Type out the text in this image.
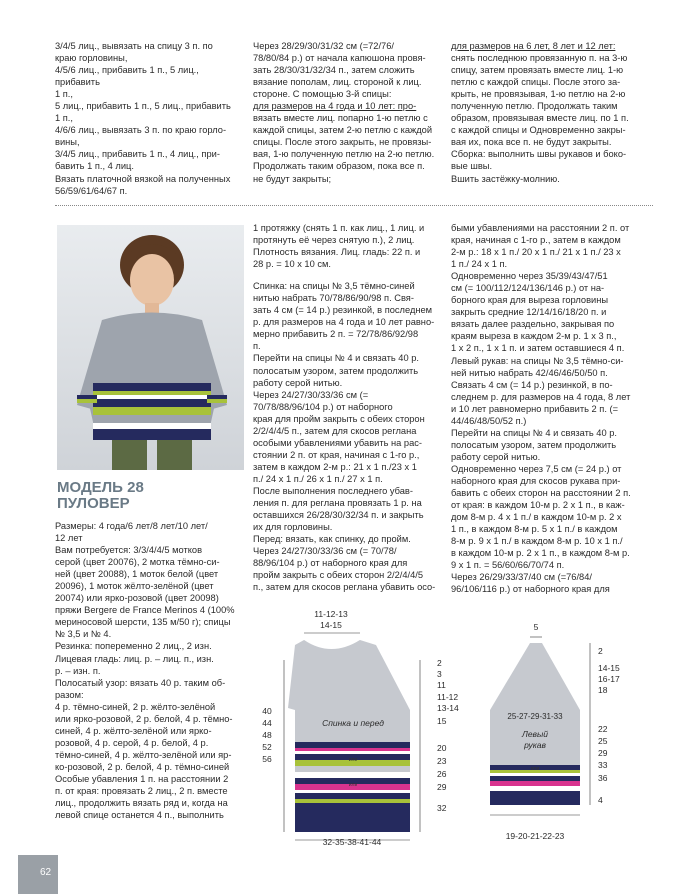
3/4/5 лиц., вывязать на спицу 3 п. по

краю горловины,

4/5/6 лиц., прибавить 1 п., 5 лиц., прибавить

1 п.,

5 лиц., прибавить 1 п., 5 лиц., прибавить

1 п.,

4/6/6 лиц., вывязать 3 п. по краю горло-

вины,

3/4/5 лиц., прибавить 1 п., 4 лиц., при-

бавить 1 п., 4 лиц.

Вязать платочной вязкой на полученных

56/59/61/64/67 п.

Через 28/29/30/31/32 см (=72/76/

78/80/84 р.) от начала капюшона провя-

зать 28/30/31/32/34 п., затем сложить

вязание пополам, лиц. стороной к лиц.

стороне. С помощью 3-й спицы:

для размеров на 4 года и 10 лет: про-

вязать вместе лиц. попарно 1-ю петлю с

каждой спицы, затем 2-ю петлю с каждой

спицы. После этого закрыть, не провязы-

вая, 1-ю полученную петлю на 2-ю петлю.

Продолжать таким образом, пока все п.

не будут закрыты;

для размеров на 6 лет, 8 лет и 12 лет:

снять последнюю провязанную п. на 3-ю

спицу, затем провязать вместе лиц. 1-ю

петлю с каждой спицы. После этого за-

крыть, не провязывая, 1-ю петлю на 2-ю

полученную петлю. Продолжать таким

образом, провязывая вместе лиц. по 1 п.

с каждой спицы и Одновременно закры-

вая их, пока все п. не будут закрыты.

Сборка: выполнить швы рукавов и боко-

вые швы.

Вшить застёжку-молнию.

МОДЕЛЬ 28
ПУЛОВЕР

Размеры: 4 года/6 лет/8 лет/10 лет/

12 лет

Вам потребуется: 3/3/4/4/5 мотков

серой (цвет 20076), 2 мотка тёмно-си-

ней (цвет 20088), 1 моток белой (цвет

20096), 1 моток жёлто-зелёной (цвет

20074) или ярко-розовой (цвет 20098)

пряжи Bergere de France Merinos 4 (100%

мериносовой шерсти, 135 м/50 г); спицы

№ 3,5 и № 4.

Резинка: попеременно 2 лиц., 2 изн.

Лицевая гладь: лиц. р. – лиц. п., изн.

р. – изн. п.

Полосатый узор: вязать 40 р. таким об-

разом:

4 р. тёмно-синей, 2 р. жёлто-зелёной

или ярко-розовой, 2 р. белой, 4 р. тёмно-

синей, 4 р. жёлто-зелёной или ярко-

розовой, 4 р. серой, 4 р. белой, 4 р.

тёмно-синей, 4 р. жёлто-зелёной или яр-

ко-розовой, 2 р. белой, 4 р. тёмно-синей

Особые убавления 1 п. на расстоянии 2

п. от края: провязать 2 лиц., 2 п. вместе

лиц., продолжить вязать ряд и, когда на

левой спице останется 4 п., выполнить

1 протяжку (снять 1 п. как лиц., 1 лиц. и

протянуть её через снятую п.), 2 лиц.

Плотность вязания. Лиц. гладь: 22 п. и

28 р. = 10 х 10 см.

Спинка: на спицы № 3,5 тёмно-синей

нитью набрать 70/78/86/90/98 п. Свя-

зать 4 см (= 14 р.) резинкой, в последнем

р. для размеров на 4 года и 10 лет равно-

мерно прибавить 2 п. = 72/78/86/92/98

п.

Перейти на спицы № 4 и связать 40 р.

полосатым узором, затем продолжить

работу серой нитью.

Через 24/27/30/33/36 см (=

70/78/88/96/104 р.) от наборного

края для пройм закрыть с обеих сторон

2/2/4/4/5 п., затем для скосов реглана

особыми убавлениями убавить на рас-

стоянии 2 п. от края, начиная с 1-го р.,

затем в каждом 2-м р.: 21 х 1 п./23 х 1

п./ 24 х 1 п./ 26 х 1 п./ 27 х 1 п.

После выполнения последнего убав-

ления п. для реглана провязать 1 р. на

оставшихся 26/28/30/32/34 п. и закрыть

их для горловины.

Перед: вязать, как спинку, до пройм.

Через 24/27/30/33/36 см (= 70/78/

88/96/104 р.) от наборного края для

пройм закрыть с обеих сторон 2/2/4/4/5

п., затем для скосов реглана убавить осо-

быми убавлениями на расстоянии 2 п. от

края, начиная с 1-го р., затем в каждом

2-м р.: 18 х 1 п./ 20 х 1 п./ 21 х 1 п./ 23 х

1 п./ 24 х 1 п.

Одновременно через 35/39/43/47/51

см (= 100/112/124/136/146 р.) от на-

борного края для выреза горловины

закрыть средние 12/14/16/18/20 п. и

вязать далее раздельно, закрывая по

краям выреза в каждом 2-м р. 1 х 3 п.,

1 х 2 п., 1 х 1 п. и затем оставшиеся 4 п.

Левый рукав: на спицы № 3,5 тёмно-си-

ней нитью набрать 42/46/46/50/50 п.

Связать 4 см (= 14 р.) резинкой, в по-

следнем р. для размеров на 4 года, 8 лет

и 10 лет равномерно прибавить 2 п. (=

44/46/48/50/52 п.)

Перейти на спицы № 4 и связать 40 р.

полосатым узором, затем продолжить

работу серой нитью.

Одновременно через 7,5 см (= 24 р.) от

наборного края для скосов рукава при-

бавить с обеих сторон на расстоянии 2 п.

от края: в каждом 10-м р. 2 х 1 п., в каж-

дом 8-м р. 4 х 1 п./ в каждом 10-м р. 2 х

1 п., в каждом 8-м р. 5 х 1 п./ в каждом

8-м р. 9 х 1 п./ в каждом 8-м р. 10 х 1 п./

в каждом 10-м р. 2 х 1 п., в каждом 8-м р.

9 х 1 п. = 56/60/66/70/74 п.

Через 26/29/33/37/40 см (=76/84/

96/106/116 р.) от наборного края для

11-12-13
14-15
или
или
Спинка и перед
40
44
48
52
56
2
3
11
11-12
13-14
15
20
23
26
29
32
32-35-38-41-44
5
или
25-27-29-31-33
Левый
рукав
2
14-15
16-17
18
22
25
29
33
36
4
19-20-21-22-23
62
